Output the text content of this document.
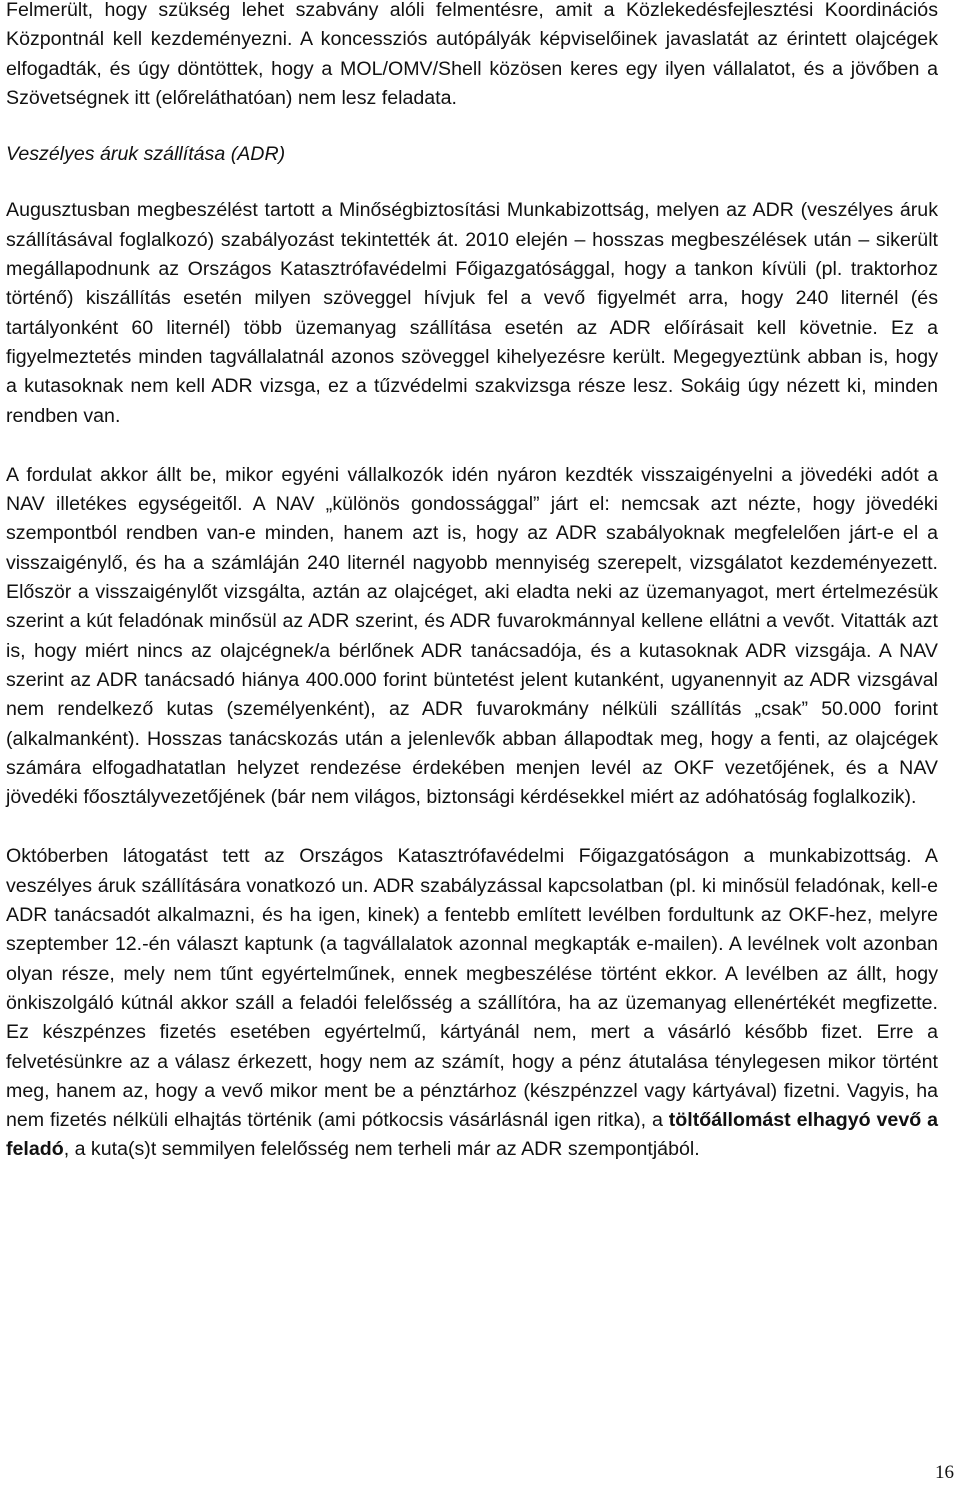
Felmerült, hogy szükség lehet szabvány alóli felmentésre, amit a Közlekedésfejlesztési Koordinációs Központnál kell kezdeményezni. A koncessziós autópályák képviselőinek javaslatát az érintett olajcégek elfogadták, és úgy döntöttek, hogy a MOL/OMV/Shell közösen keres egy ilyen vállalatot, és a jövőben a Szövetségnek itt (előreláthatóan) nem lesz feladata.

Veszélyes áruk szállítása (ADR)

Augusztusban megbeszélést tartott a Minőségbiztosítási Munkabizottság, melyen az ADR (veszélyes áruk szállításával foglalkozó) szabályozást tekintették át. 2010 elején – hosszas megbeszélések után – sikerült megállapodnunk az Országos Katasztrófavédelmi Főigazgatósággal, hogy a tankon kívüli (pl. traktorhoz történő) kiszállítás esetén milyen szöveggel hívjuk fel a vevő figyelmét arra, hogy 240 liternél (és tartályonként 60 liternél) több üzemanyag szállítása esetén az ADR előírásait kell követnie. Ez a figyelmeztetés minden tagvállalatnál azonos szöveggel kihelyezésre került. Megegyeztünk abban is, hogy a kutasoknak nem kell ADR vizsga, ez a tűzvédelmi szakvizsga része lesz. Sokáig úgy nézett ki, minden rendben van.

A fordulat akkor állt be, mikor egyéni vállalkozók idén nyáron kezdték visszaigényelni a jövedéki adót a NAV illetékes egységeitől. A NAV „különös gondossággal” járt el: nemcsak azt nézte, hogy jövedéki szempontból rendben van-e minden, hanem azt is, hogy az ADR szabályoknak megfelelően járt-e el a visszaigénylő, és ha a számláján 240 liternél nagyobb mennyiség szerepelt, vizsgálatot kezdeményezett. Először a visszaigénylőt vizsgálta, aztán az olajcéget, aki eladta neki az üzemanyagot, mert értelmezésük szerint a kút feladónak minősül az ADR szerint, és ADR fuvarokmánnyal kellene ellátni a vevőt. Vitatták azt is, hogy miért nincs az olajcégnek/a bérlőnek ADR tanácsadója, és a kutasoknak ADR vizsgája. A NAV szerint az ADR tanácsadó hiánya 400.000 forint büntetést jelent kutanként, ugyanennyit az ADR vizsgával nem rendelkező kutas (személyenként), az ADR fuvarokmány nélküli szállítás „csak” 50.000 forint (alkalmanként). Hosszas tanácskozás után a jelenlevők abban állapodtak meg, hogy a fenti, az olajcégek számára elfogadhatatlan helyzet rendezése érdekében menjen levél az OKF vezetőjének, és a NAV jövedéki főosztályvezetőjének (bár nem világos, biztonsági kérdésekkel miért az adóhatóság foglalkozik).

Októberben látogatást tett az Országos Katasztrófavédelmi Főigazgatóságon a munkabizottság. A veszélyes áruk szállítására vonatkozó un. ADR szabályzással kapcsolatban (pl. ki minősül feladónak, kell-e ADR tanácsadót alkalmazni, és ha igen, kinek) a fentebb említett levélben fordultunk az OKF-hez, melyre szeptember 12.-én választ kaptunk (a tagvállalatok azonnal megkapták e-mailen). A levélnek volt azonban olyan része, mely nem tűnt egyértelműnek, ennek megbeszélése történt ekkor. A levélben az állt, hogy önkiszolgáló kútnál akkor száll a feladói felelősség a szállítóra, ha az üzemanyag ellenértékét megfizette. Ez készpénzes fizetés esetében egyértelmű, kártyánál nem, mert a vásárló később fizet. Erre a felvetésünkre az a válasz érkezett, hogy nem az számít, hogy a pénz átutalása ténylegesen mikor történt meg, hanem az, hogy a vevő mikor ment be a pénztárhoz (készpénzzel vagy kártyával) fizetni. Vagyis, ha nem fizetés nélküli elhajtás történik (ami pótkocsis vásárlásnál igen ritka), a töltőállomást elhagyó vevő a feladó, a kuta(s)t semmilyen felelősség nem terheli már az ADR szempontjából.

16
